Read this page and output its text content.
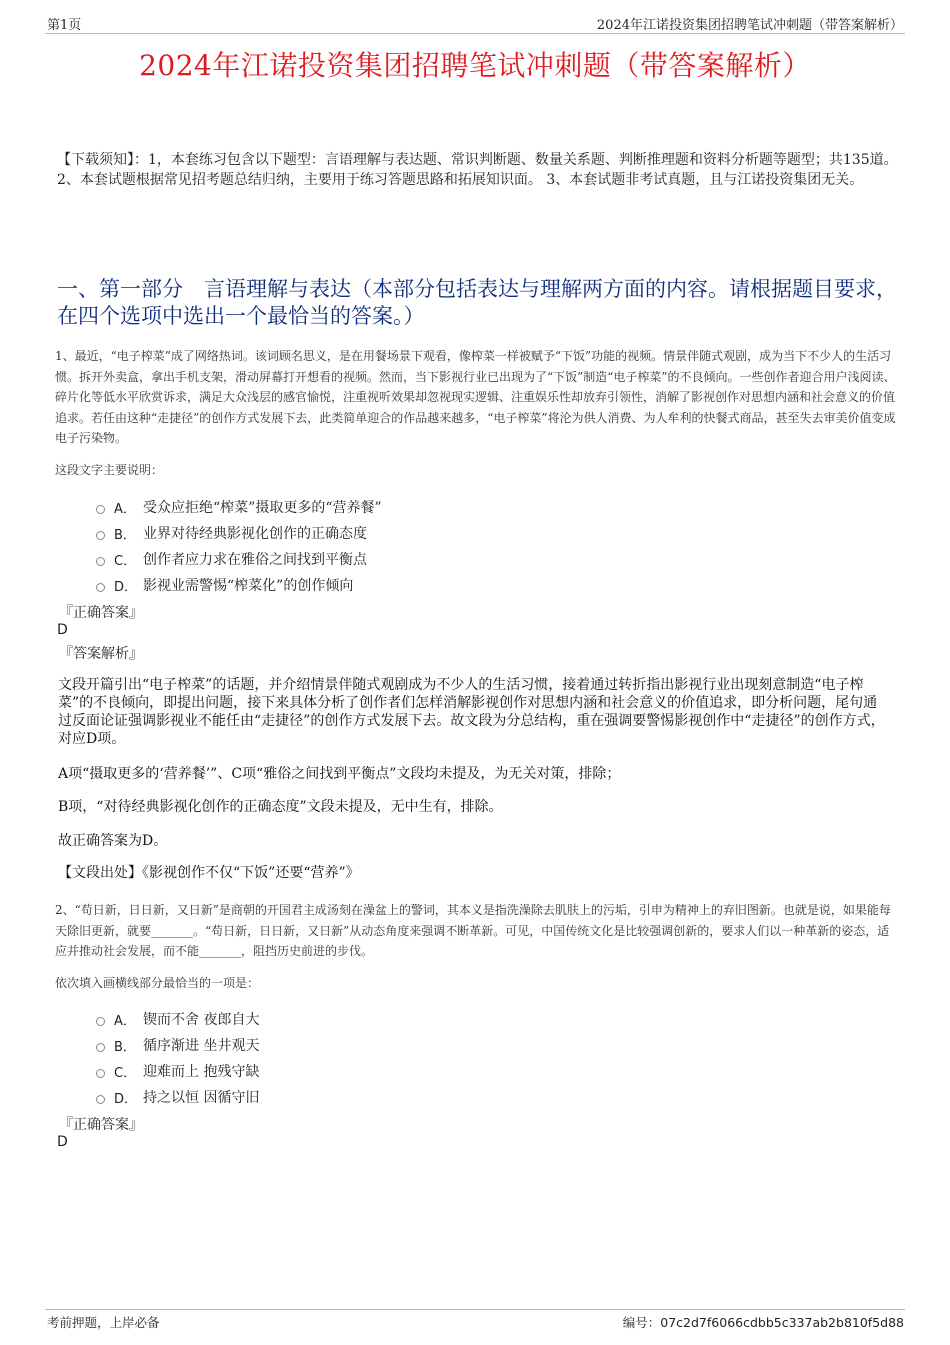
第1页	2024年江诺投资集团招聘笔试冲刺题（带答案解析）
2024年江诺投资集团招聘笔试冲刺题（带答案解析）
【下载须知】：1，本套练习包含以下题型：言语理解与表达题、常识判断题、数量关系题、判断推理题和资料分析题等题型；共135道。 2、本套试题根据常见招考题总结归纳，主要用于练习答题思路和拓展知识面。 3、本套试题非考试真题，且与江诺投资集团无关。
一、第一部分　言语理解与表达（本部分包括表达与理解两方面的内容。请根据题目要求，在四个选项中选出一个最恰当的答案。）
1、最近，“电子榨菜”成了网络热词。该词顾名思义，是在用餐场景下观看，像榨菜一样被赋予“下饭”功能的视频。情景伴随式观剧，成为当下不少人的生活习惯。拆开外卖盒，拿出手机支架，滑动屏幕打开想看的视频。然而，当下影视行业已出现为了“下饭”制造“电子榨菜”的不良倾向。一些创作者迎合用户浅阅读、碎片化等低水平欣赏诉求，满足大众浅层的感官愉悦，注重视听效果却忽视现实逻辑、注重娱乐性却放弃引领性，消解了影视创作对思想内涵和社会意义的价值追求。若任由这种“走捷径”的创作方式发展下去，此类简单迎合的作品越来越多，“电子榨菜”将沦为供人消费、为人牟利的快餐式商品，甚至失去审美价值变成电子污染物。
这段文字主要说明：
A． 受众应拒绝“榨菜”摄取更多的“营养餐”
B． 业界对待经典影视化创作的正确态度
C． 创作者应力求在雅俗之间找到平衡点
D． 影视业需警惕“榨菜化”的创作倾向
『正确答案』
D
『答案解析』
文段开篇引出“电子榨菜”的话题，并介绍情景伴随式观剧成为不少人的生活习惯，接着通过转折指出影视行业出现刻意制造“电子榨菜”的不良倾向，即提出问题，接下来具体分析了创作者们怎样消解影视创作对思想内涵和社会意义的价值追求，即分析问题，尾句通过反面论证强调影视业不能任由“走捷径”的创作方式发展下去。故文段为分总结构，重在强调要警惕影视创作中“走捷径”的创作方式，对应D项。
A项“摄取更多的‘营养餐’”、C项“雅俗之间找到平衡点”文段均未提及，为无关对策，排除；
B项，“对待经典影视化创作的正确态度”文段未提及，无中生有，排除。
故正确答案为D。
【文段出处】《影视创作不仅“下饭”还要“营养”》
2、“苟日新，日日新，又日新”是商朝的开国君主成汤刻在澡盆上的警词，其本义是指洗澡除去肌肤上的污垢，引申为精神上的弃旧图新。也就是说，如果能每天除旧更新，就要_______。“苟日新，日日新，又日新”从动态角度来强调不断革新。可见，中国传统文化是比较强调创新的，要求人们以一种革新的姿态，适应并推动社会发展，而不能_______，阻挡历史前进的步伐。
依次填入画横线部分最恰当的一项是：
A． 锲而不舍 夜郎自大
B． 循序渐进 坐井观天
C． 迎难而上 抱残守缺
D． 持之以恒 因循守旧
『正确答案』
D
考前押题，上岸必备	编号：07c2d7f6066cdbb5c337ab2b810f5d88
